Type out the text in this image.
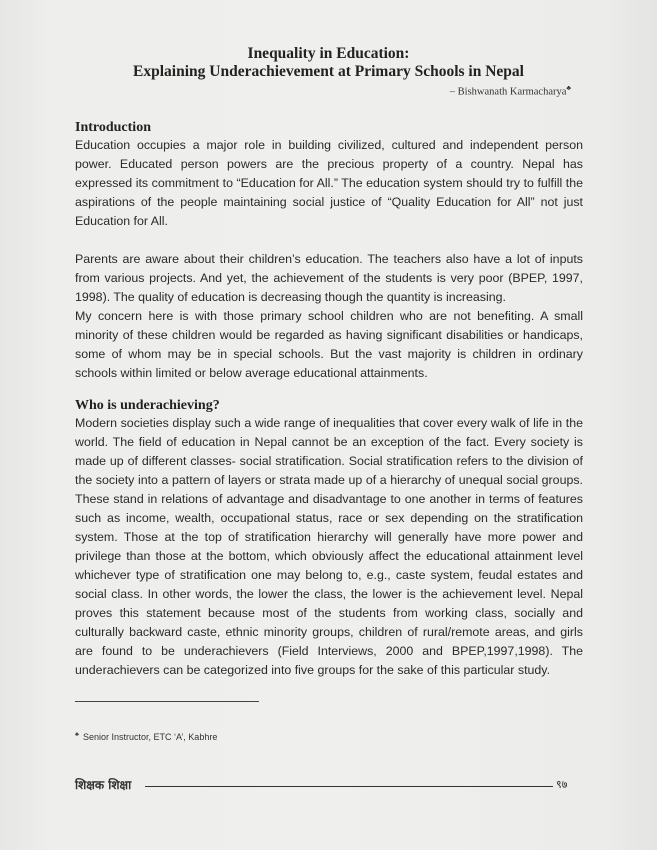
Inequality in Education:
Explaining Underachievement at Primary Schools in Nepal
– Bishwanath Karmacharya♣
Introduction
Education occupies a major role in building civilized, cultured and independent person power. Educated person powers are the precious property of a country. Nepal has expressed its commitment to “Education for All.” The education system should try to fulfill the aspirations of the people maintaining social justice of “Quality Education for All” not just Education for All.
Parents are aware about their children’s education. The teachers also have a lot of inputs from various projects. And yet, the achievement of the students is very poor (BPEP, 1997, 1998). The quality of education is decreasing though the quantity is increasing.
My concern here is with those primary school children who are not benefiting. A small minority of these children would be regarded as having significant disabilities or handicaps, some of whom may be in special schools. But the vast majority is children in ordinary schools within limited or below average educational attainments.
Who is underachieving?
Modern societies display such a wide range of inequalities that cover every walk of life in the world. The field of education in Nepal cannot be an exception of the fact. Every society is made up of different classes- social stratification. Social stratification refers to the division of the society into a pattern of layers or strata made up of a hierarchy of unequal social groups. These stand in relations of advantage and disadvantage to one another in terms of features such as income, wealth, occupational status, race or sex depending on the stratification system. Those at the top of stratification hierarchy will generally have more power and privilege than those at the bottom, which obviously affect the educational attainment level whichever type of stratification one may belong to, e.g., caste system, feudal estates and social class. In other words, the lower the class, the lower is the achievement level. Nepal proves this statement because most of the students from working class, socially and culturally backward caste, ethnic minority groups, children of rural/remote areas, and girls are found to be underachievers (Field Interviews, 2000 and BPEP,1997,1998). The underachievers can be categorized into five groups for the sake of this particular study.
♣ Senior Instructor, ETC ‘A’, Kabhre
शिक्षक शिक्षा	९७
